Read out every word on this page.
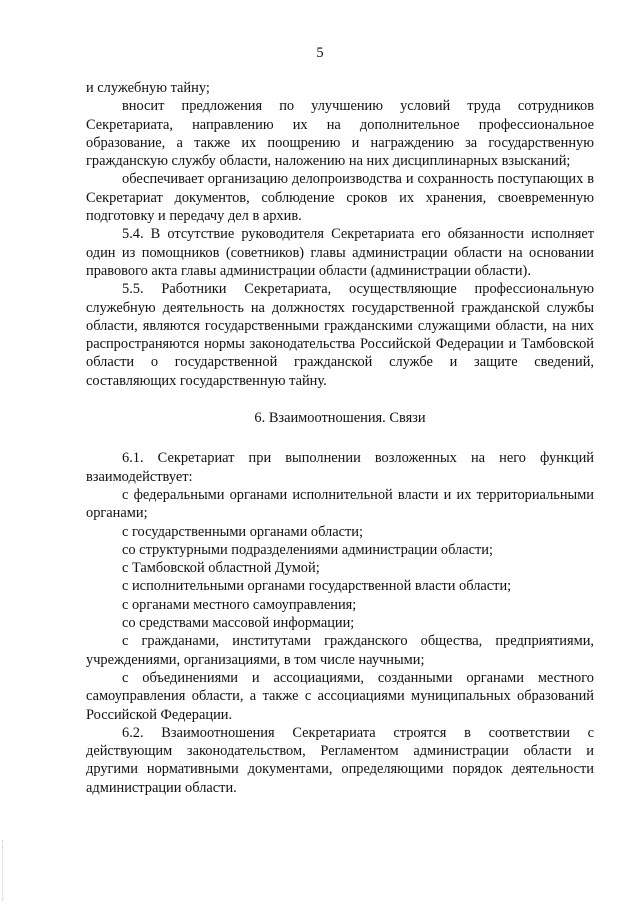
5

и служебную тайну;

вносит предложения по улучшению условий труда сотрудников Секретариата, направлению их на дополнительное профессиональное образование, а также их поощрению и награждению за государственную гражданскую службу области, наложению на них дисциплинарных взысканий;

обеспечивает организацию делопроизводства и сохранность поступающих в Секретариат документов, соблюдение сроков их хранения, своевременную подготовку и передачу дел в архив.

5.4. В отсутствие руководителя Секретариата его обязанности исполняет один из помощников (советников) главы администрации области на основании правового акта главы администрации области (администрации области).

5.5. Работники Секретариата, осуществляющие профессиональную служебную деятельность на должностях государственной гражданской службы области, являются государственными гражданскими служащими области, на них распространяются нормы законодательства Российской Федерации и Тамбовской области о государственной гражданской службе и защите сведений, составляющих государственную тайну.

6. Взаимоотношения. Связи

6.1. Секретариат при выполнении возложенных на него функций взаимодействует:

с федеральными органами исполнительной власти и их территориальными органами;

с государственными органами области;

со структурными подразделениями администрации области;

с Тамбовской областной Думой;

с исполнительными органами государственной власти области;

с органами местного самоуправления;

со средствами массовой информации;

с гражданами, институтами гражданского общества, предприятиями, учреждениями, организациями, в том числе научными;

с объединениями и ассоциациями, созданными органами местного самоуправления области, а также с ассоциациями муниципальных образований Российской Федерации.

6.2. Взаимоотношения Секретариата строятся в соответствии с действующим законодательством, Регламентом администрации области и другими нормативными документами, определяющими порядок деятельности администрации области.
